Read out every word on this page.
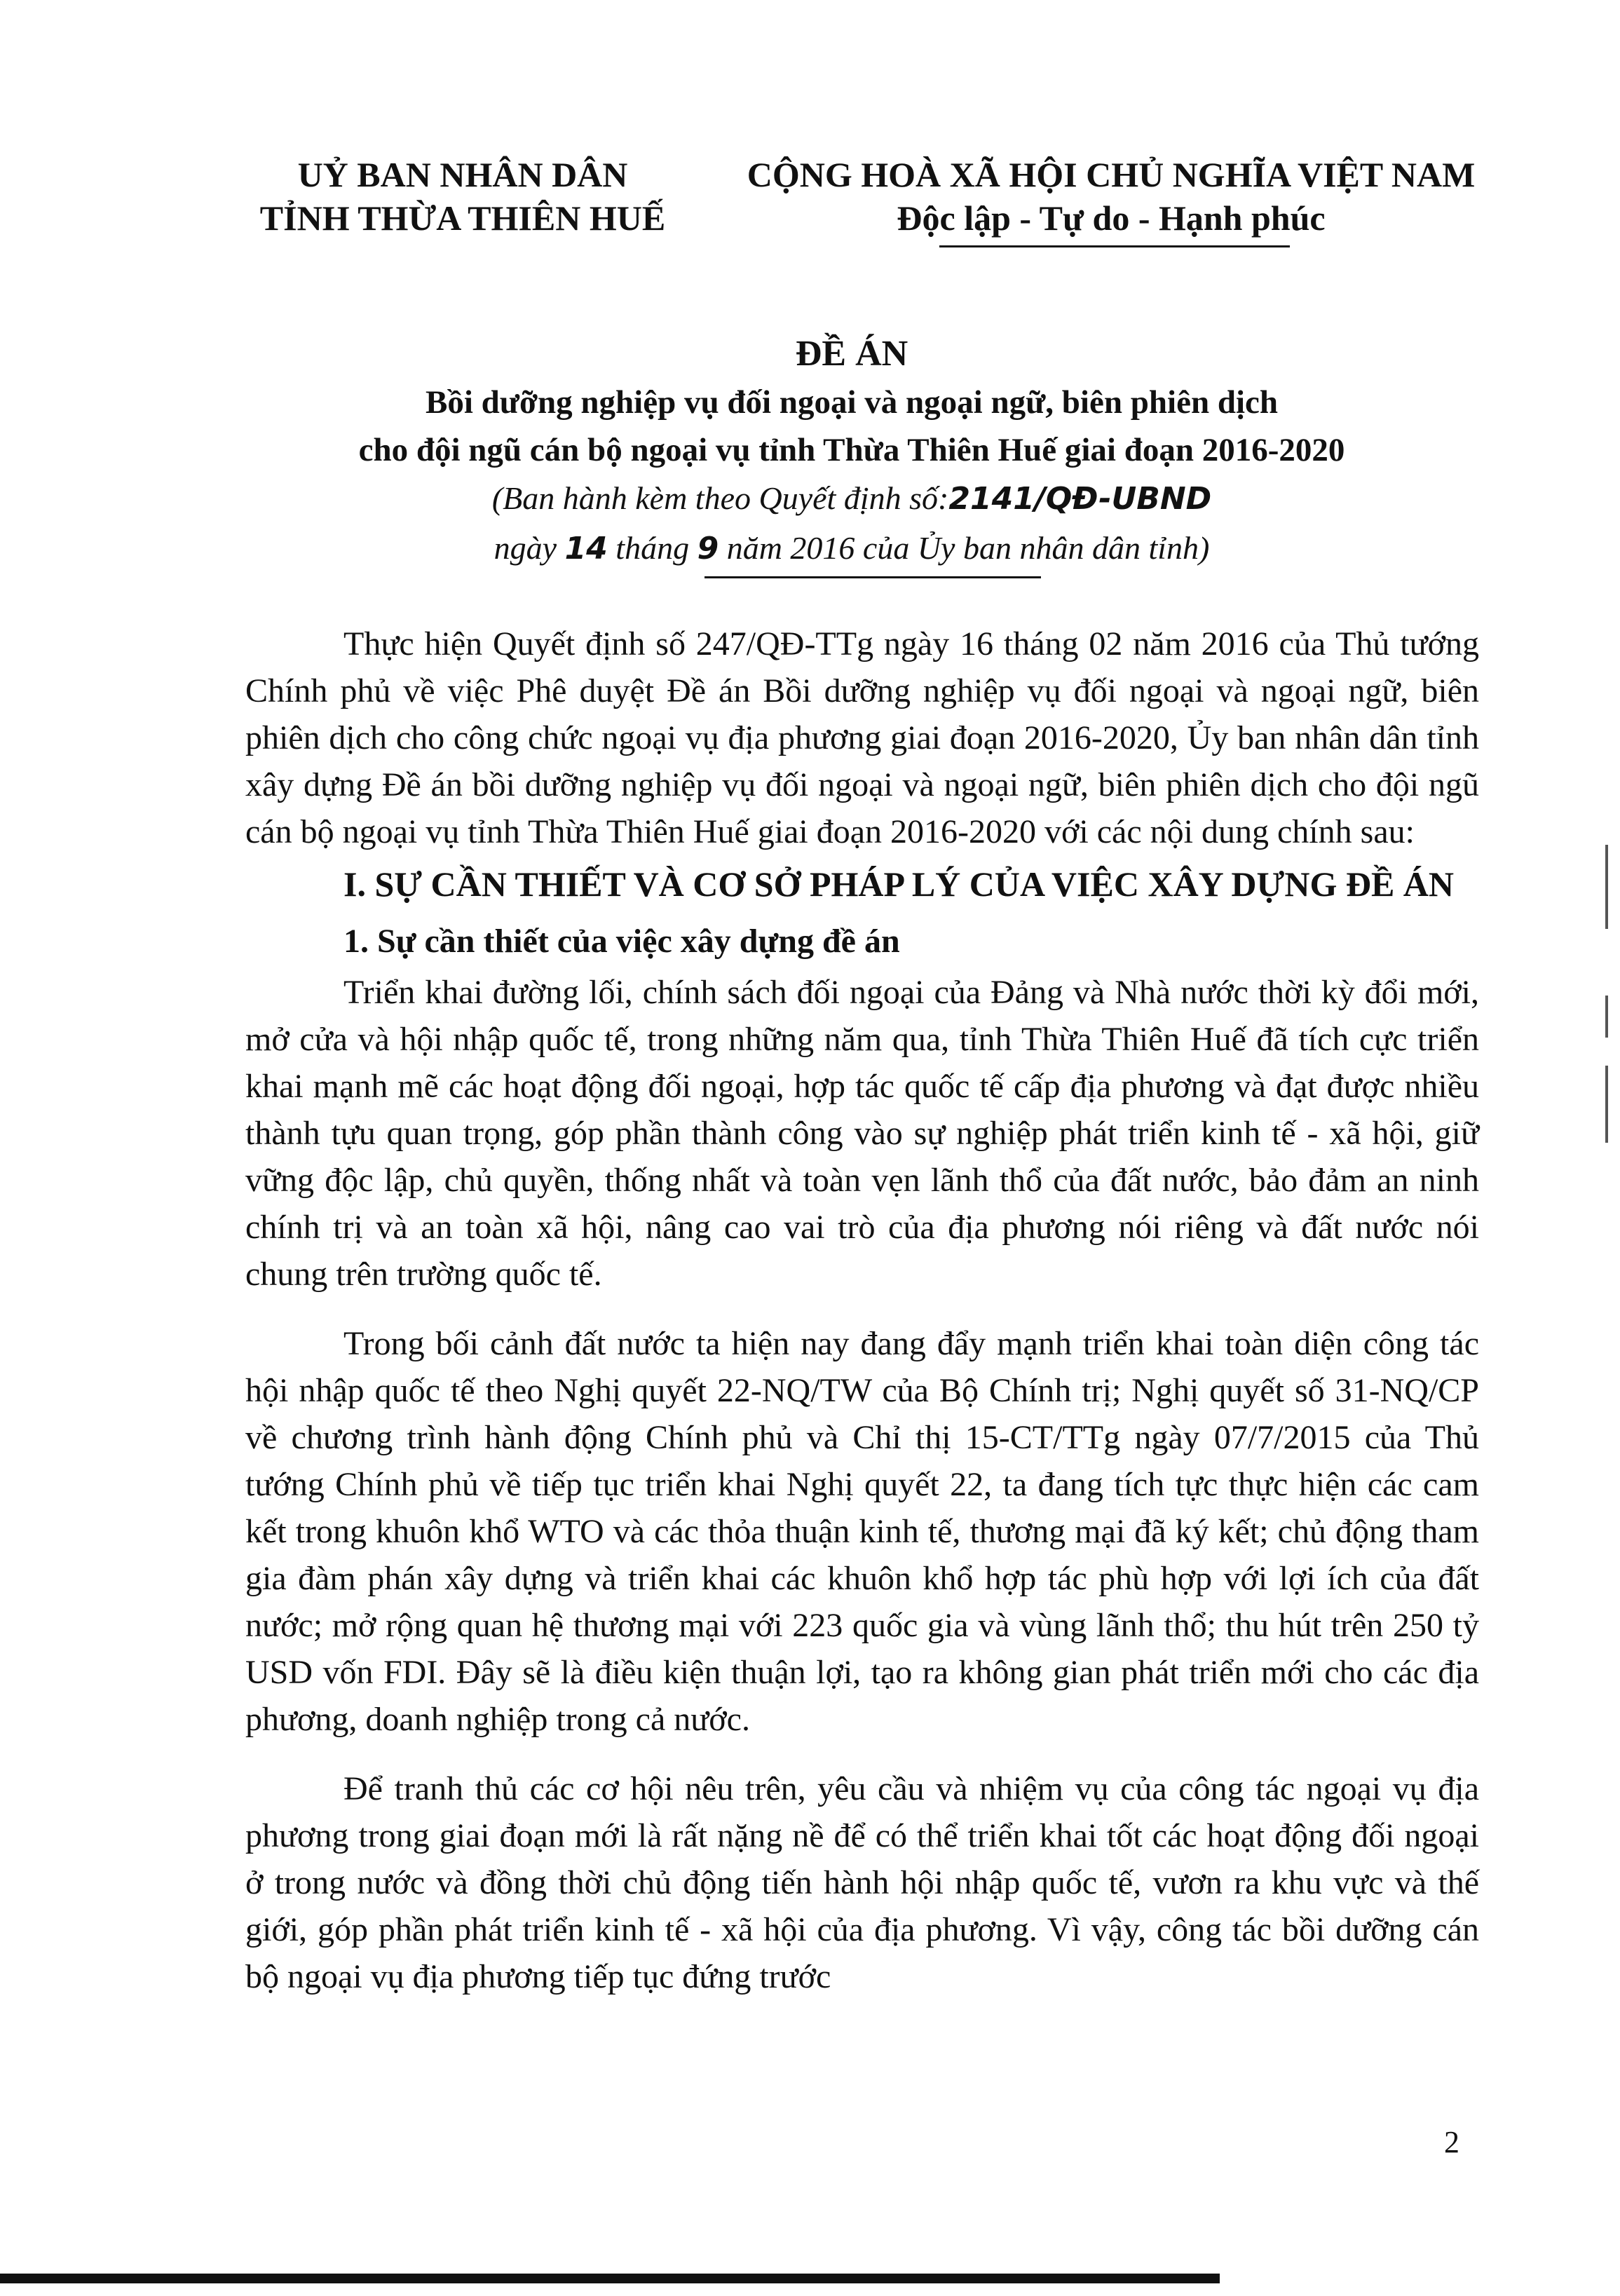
UỶ BAN NHÂN DÂN
TỈNH THỪA THIÊN HUẾ
CỘNG HOÀ XÃ HỘI CHỦ NGHĨA VIỆT NAM
Độc lập - Tự do - Hạnh phúc
ĐỀ ÁN
Bồi dưỡng nghiệp vụ đối ngoại và ngoại ngữ, biên phiên dịch
cho đội ngũ cán bộ ngoại vụ tỉnh Thừa Thiên Huế giai đoạn 2016-2020
(Ban hành kèm theo Quyết định số:2141/QĐ-UBND
ngày 14 tháng 9 năm 2016 của Ủy ban nhân dân tỉnh)

Thực hiện Quyết định số 247/QĐ-TTg ngày 16 tháng 02 năm 2016 của Thủ tướng Chính phủ về việc Phê duyệt Đề án Bồi dưỡng nghiệp vụ đối ngoại và ngoại ngữ, biên phiên dịch cho công chức ngoại vụ địa phương giai đoạn 2016-2020, Ủy ban nhân dân tỉnh xây dựng Đề án bồi dưỡng nghiệp vụ đối ngoại và ngoại ngữ, biên phiên dịch cho đội ngũ cán bộ ngoại vụ tỉnh Thừa Thiên Huế giai đoạn 2016-2020 với các nội dung chính sau:

I. SỰ CẦN THIẾT VÀ CƠ SỞ PHÁP LÝ CỦA VIỆC XÂY DỰNG ĐỀ ÁN
1. Sự cần thiết của việc xây dựng đề án

Triển khai đường lối, chính sách đối ngoại của Đảng và Nhà nước thời kỳ đổi mới, mở cửa và hội nhập quốc tế, trong những năm qua, tỉnh Thừa Thiên Huế đã tích cực triển khai mạnh mẽ các hoạt động đối ngoại, hợp tác quốc tế cấp địa phương và đạt được nhiều thành tựu quan trọng, góp phần thành công vào sự nghiệp phát triển kinh tế - xã hội, giữ vững độc lập, chủ quyền, thống nhất và toàn vẹn lãnh thổ của đất nước, bảo đảm an ninh chính trị và an toàn xã hội, nâng cao vai trò của địa phương nói riêng và đất nước nói chung trên trường quốc tế.

Trong bối cảnh đất nước ta hiện nay đang đẩy mạnh triển khai toàn diện công tác hội nhập quốc tế theo Nghị quyết 22-NQ/TW của Bộ Chính trị; Nghị quyết số 31-NQ/CP về chương trình hành động Chính phủ và Chỉ thị 15-CT/TTg ngày 07/7/2015 của Thủ tướng Chính phủ về tiếp tục triển khai Nghị quyết 22, ta đang tích tực thực hiện các cam kết trong khuôn khổ WTO và các thỏa thuận kinh tế, thương mại đã ký kết; chủ động tham gia đàm phán xây dựng và triển khai các khuôn khổ hợp tác phù hợp với lợi ích của đất nước; mở rộng quan hệ thương mại với 223 quốc gia và vùng lãnh thổ; thu hút trên 250 tỷ USD vốn FDI. Đây sẽ là điều kiện thuận lợi, tạo ra không gian phát triển mới cho các địa phương, doanh nghiệp trong cả nước.

Để tranh thủ các cơ hội nêu trên, yêu cầu và nhiệm vụ của công tác ngoại vụ địa phương trong giai đoạn mới là rất nặng nề để có thể triển khai tốt các hoạt động đối ngoại ở trong nước và đồng thời chủ động tiến hành hội nhập quốc tế, vươn ra khu vực và thế giới, góp phần phát triển kinh tế - xã hội của địa phương. Vì vậy, công tác bồi dưỡng cán bộ ngoại vụ địa phương tiếp tục đứng trước

2
